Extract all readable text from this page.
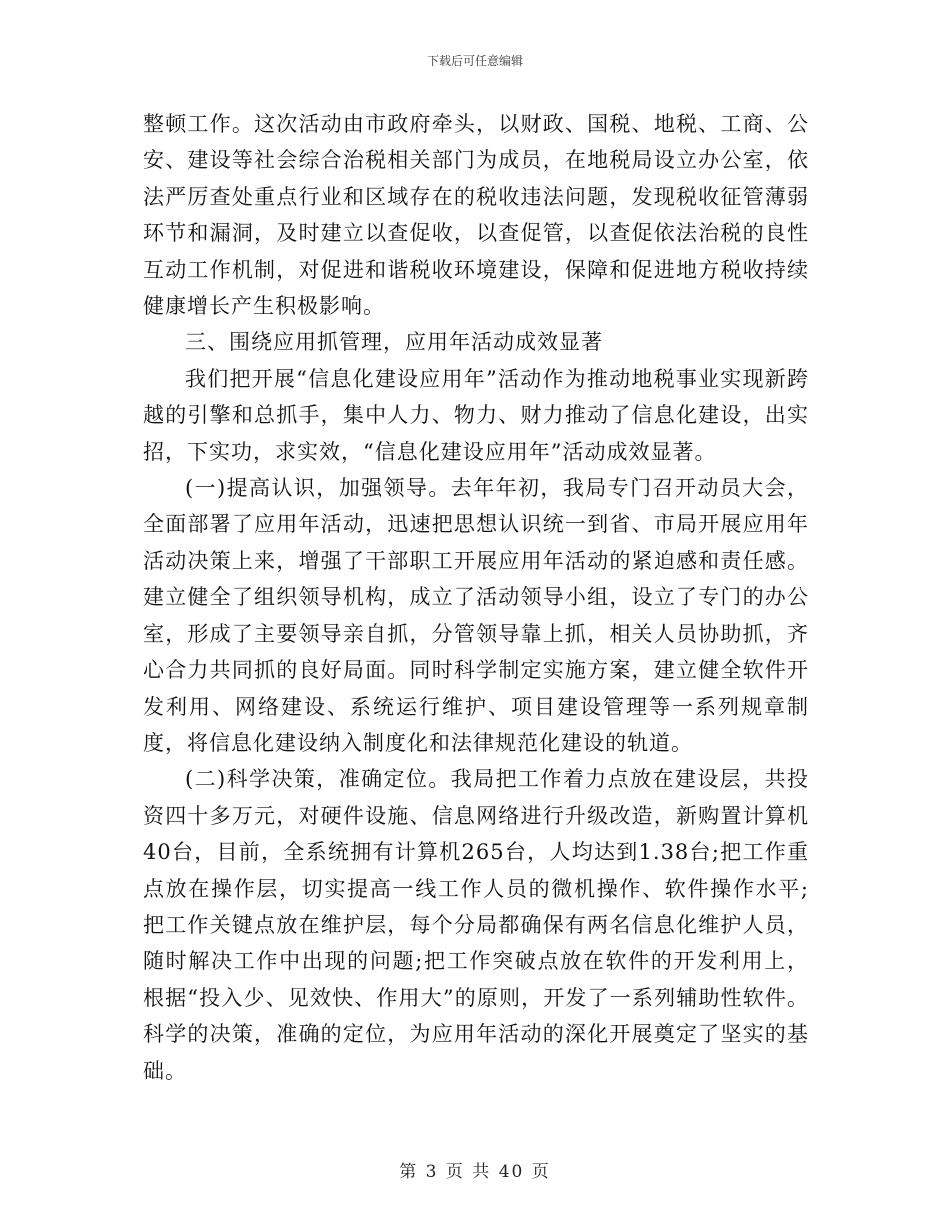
下载后可任意编辑

整顿工作。这次活动由市政府牵头，以财政、国税、地税、工商、公安、建设等社会综合治税相关部门为成员，在地税局设立办公室，依法严厉查处重点行业和区域存在的税收违法问题，发现税收征管薄弱环节和漏洞，及时建立以查促收，以查促管，以查促依法治税的良性互动工作机制，对促进和谐税收环境建设，保障和促进地方税收持续健康增长产生积极影响。

三、围绕应用抓管理，应用年活动成效显著

我们把开展“信息化建设应用年”活动作为推动地税事业实现新跨越的引擎和总抓手，集中人力、物力、财力推动了信息化建设，出实招，下实功，求实效，“信息化建设应用年”活动成效显著。

(一)提高认识，加强领导。去年年初，我局专门召开动员大会，全面部署了应用年活动，迅速把思想认识统一到省、市局开展应用年活动决策上来，增强了干部职工开展应用年活动的紧迫感和责任感。建立健全了组织领导机构，成立了活动领导小组，设立了专门的办公室，形成了主要领导亲自抓，分管领导靠上抓，相关人员协助抓，齐心合力共同抓的良好局面。同时科学制定实施方案，建立健全软件开发利用、网络建设、系统运行维护、项目建设管理等一系列规章制度，将信息化建设纳入制度化和法律规范化建设的轨道。

(二)科学决策，准确定位。我局把工作着力点放在建设层，共投资四十多万元，对硬件设施、信息网络进行升级改造，新购置计算机40台，目前，全系统拥有计算机265台，人均达到1.38台;把工作重点放在操作层，切实提高一线工作人员的微机操作、软件操作水平;把工作关键点放在维护层，每个分局都确保有两名信息化维护人员，随时解决工作中出现的问题;把工作突破点放在软件的开发利用上，根据“投入少、见效快、作用大”的原则，开发了一系列辅助性软件。科学的决策，准确的定位，为应用年活动的深化开展奠定了坚实的基础。

第 3 页 共 40 页
